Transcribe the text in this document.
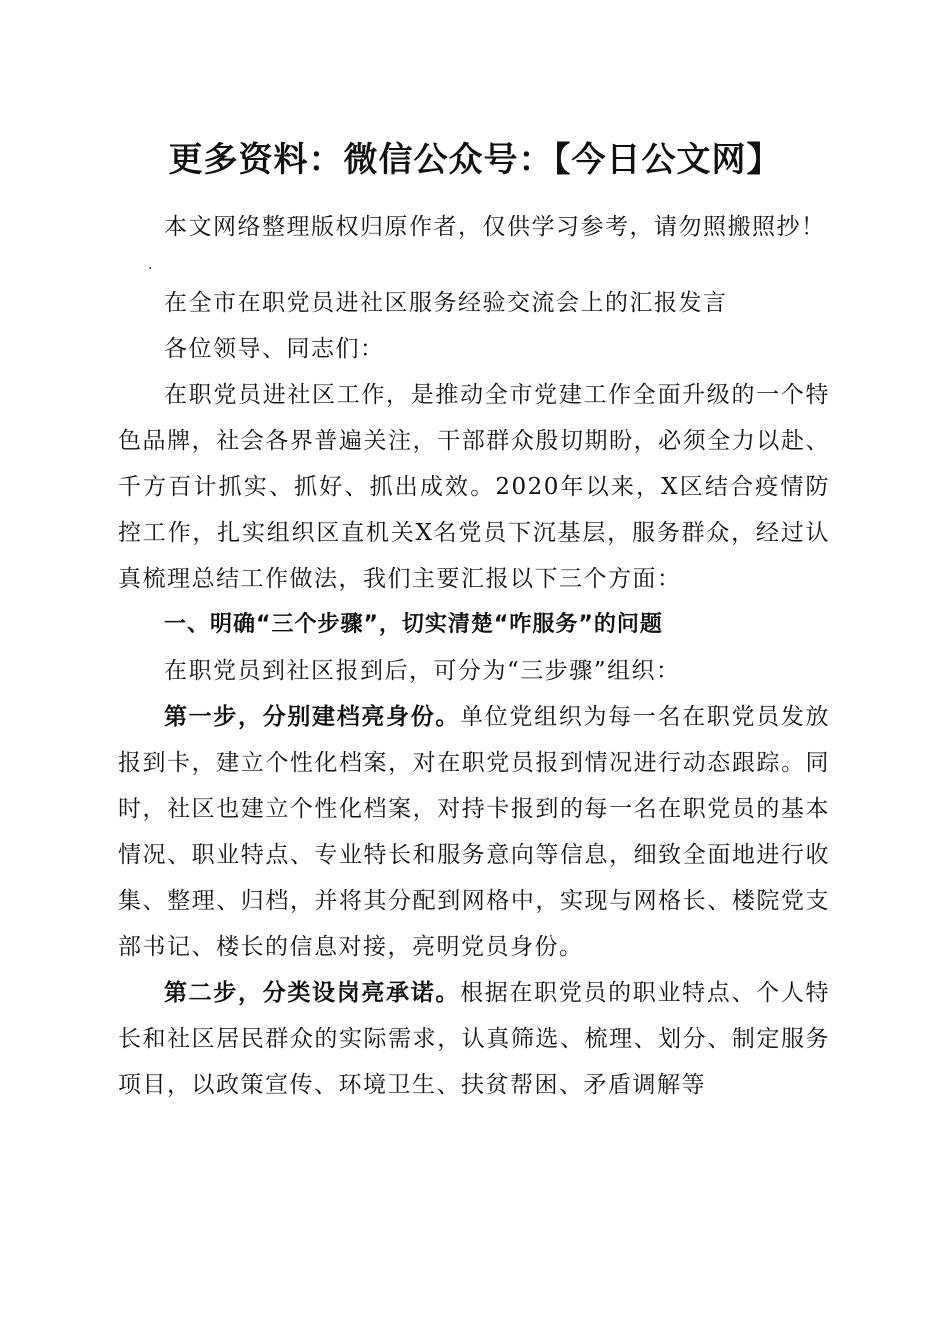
更多资料：微信公众号：【今日公文网】

本文网络整理版权归原作者，仅供学习参考，请勿照搬照抄！

.

在全市在职党员进社区服务经验交流会上的汇报发言

各位领导、同志们：

在职党员进社区工作，是推动全市党建工作全面升级的一个特色品牌，社会各界普遍关注，干部群众殷切期盼，必须全力以赴、千方百计抓实、抓好、抓出成效。2020年以来，X区结合疫情防控工作，扎实组织区直机关X名党员下沉基层，服务群众，经过认真梳理总结工作做法，我们主要汇报以下三个方面：

一、明确“三个步骤”，切实清楚“咋服务”的问题

在职党员到社区报到后，可分为“三步骤”组织：

第一步，分别建档亮身份。单位党组织为每一名在职党员发放报到卡，建立个性化档案，对在职党员报到情况进行动态跟踪。同时，社区也建立个性化档案，对持卡报到的每一名在职党员的基本情况、职业特点、专业特长和服务意向等信息，细致全面地进行收集、整理、归档，并将其分配到网格中，实现与网格长、楼院党支部书记、楼长的信息对接，亮明党员身份。

第二步，分类设岗亮承诺。根据在职党员的职业特点、个人特长和社区居民群众的实际需求，认真筛选、梳理、划分、制定服务项目，以政策宣传、环境卫生、扶贫帮困、矛盾调解等
